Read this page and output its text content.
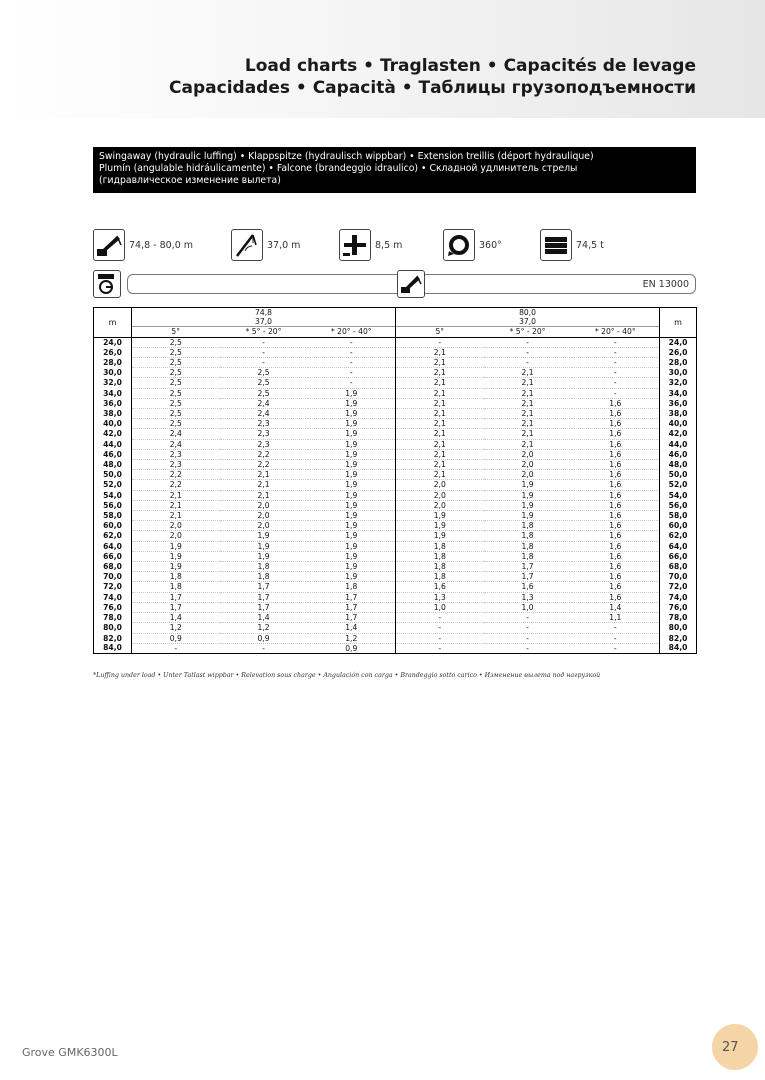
Load charts • Traglasten • Capacités de levage
Capacidades • Capacità • Таблицы грузоподъемности
Swingaway (hydraulic luffing) • Klappspitze (hydraulisch wippbar) • Extension treillis (déport hydraulique)
Plumín (angulable hidráulicamente) • Falcone (brandeggio idraulico) • Складной удлинитель стрелы
(гидравлическое изменение вылета)
74,8 - 80,0 m	37,0 m	8,5 m	360°	74,5 t
EN 13000
m	74,8			80,0			m
	37,0			37,0			
	5°	* 5° - 20°	* 20° - 40°	5°	* 5° - 20°	* 20° - 40°	
24,0	2,5	-	-	-	-	-	24,0
26,0	2,5	-	-	2,1	-	-	26,0
28,0	2,5	-	-	2,1	-	-	28,0
30,0	2,5	2,5	-	2,1	2,1	-	30,0
32,0	2,5	2,5	-	2,1	2,1	-	32,0
34,0	2,5	2,5	1,9	2,1	2,1	-	34,0
36,0	2,5	2,4	1,9	2,1	2,1	1,6	36,0
38,0	2,5	2,4	1,9	2,1	2,1	1,6	38,0
40,0	2,5	2,3	1,9	2,1	2,1	1,6	40,0
42,0	2,4	2,3	1,9	2,1	2,1	1,6	42,0
44,0	2,4	2,3	1,9	2,1	2,1	1,6	44,0
46,0	2,3	2,2	1,9	2,1	2,0	1,6	46,0
48,0	2,3	2,2	1,9	2,1	2,0	1,6	48,0
50,0	2,2	2,1	1,9	2,1	2,0	1,6	50,0
52,0	2,2	2,1	1,9	2,0	1,9	1,6	52,0
54,0	2,1	2,1	1,9	2,0	1,9	1,6	54,0
56,0	2,1	2,0	1,9	2,0	1,9	1,6	56,0
58,0	2,1	2,0	1,9	1,9	1,9	1,6	58,0
60,0	2,0	2,0	1,9	1,9	1,8	1,6	60,0
62,0	2,0	1,9	1,9	1,9	1,8	1,6	62,0
64,0	1,9	1,9	1,9	1,8	1,8	1,6	64,0
66,0	1,9	1,9	1,9	1,8	1,8	1,6	66,0
68,0	1,9	1,8	1,9	1,8	1,7	1,6	68,0
70,0	1,8	1,8	1,9	1,8	1,7	1,6	70,0
72,0	1,8	1,7	1,8	1,6	1,6	1,6	72,0
74,0	1,7	1,7	1,7	1,3	1,3	1,6	74,0
76,0	1,7	1,7	1,7	1,0	1,0	1,4	76,0
78,0	1,4	1,4	1,7	-	-	1,1	78,0
80,0	1,2	1,2	1,4	-	-	-	80,0
82,0	0,9	0,9	1,2	-	-	-	82,0
84,0	-	-	0,9	-	-	-	84,0
*Luffing under load • Unter Tatlast wippbar • Relevation sous charge • Angulación con carga • Brandeggio sotto carico • Изменение вылета под нагрузкой
Grove GMK6300L	27
